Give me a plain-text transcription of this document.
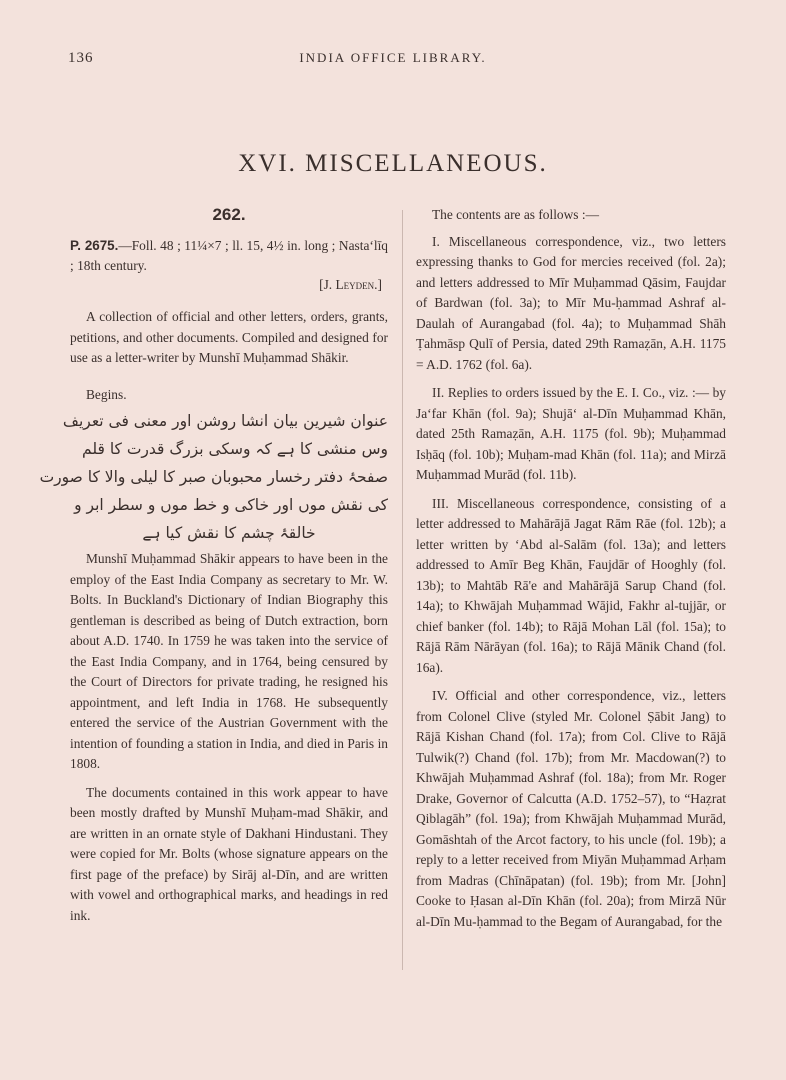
136	INDIA OFFICE LIBRARY.
XVI. MISCELLANEOUS.
262.

P. 2675.—Foll. 48 ; 11¼×7 ; ll. 15, 4½ in. long ; Nasta‘līq ; 18th century.

[J. Leyden.]

A collection of official and other letters, orders, grants, petitions, and other documents. Compiled and designed for use as a letter-writer by Munshī Muḥammad Shākir.

Begins.

عنوان شیرین بیان انشا روشن اور معنی فی تعریف
وس منشی کا ہے کہ وسکی بزرگ قدرت کا قلم
صفحۂ دفتر رخسار محبوبان صبر کا لیلی والا کا صورت
کی نقش موں اور خاکی و خط موں و سطر ابر و
خالقۂ چشم کا نقش کیا ہے

Munshī Muḥammad Shākir appears to have been in the employ of the East India Company as secretary to Mr. W. Bolts. In Buckland's Dictionary of Indian Biography this gentleman is described as being of Dutch extraction, born about A.D. 1740. In 1759 he was taken into the service of the East India Company, and in 1764, being censured by the Court of Directors for private trading, he resigned his appointment, and left India in 1768. He subsequently entered the service of the Austrian Government with the intention of founding a station in India, and died in Paris in 1808.

The documents contained in this work appear to have been mostly drafted by Munshī Muḥam-mad Shākir, and are written in an ornate style of Dakhani Hindustani. They were copied for Mr. Bolts (whose signature appears on the first page of the preface) by Sirāj al-Dīn, and are written with vowel and orthographical marks, and headings in red ink.

The contents are as follows :—

I. Miscellaneous correspondence, viz., two letters expressing thanks to God for mercies received (fol. 2a); and letters addressed to Mīr Muḥammad Qāsim, Faujdar of Bardwan (fol. 3a); to Mīr Mu-ḥammad Ashraf al-Daulah of Aurangabad (fol. 4a); to Muḥammad Shāh Ṭahmāsp Qulī of Persia, dated 29th Ramaẓān, A.H. 1175 = A.D. 1762 (fol. 6a).

II. Replies to orders issued by the E. I. Co., viz. :— by Ja‘far Khān (fol. 9a); Shujā‘ al-Dīn Muḥammad Khān, dated 25th Ramaẓān, A.H. 1175 (fol. 9b); Muḥammad Isḥāq (fol. 10b); Muḥam-mad Khān (fol. 11a); and Mirzā Muḥammad Murād (fol. 11b).

III. Miscellaneous correspondence, consisting of a letter addressed to Mahārājā Jagat Rām Rāe (fol. 12b); a letter written by ‘Abd al-Salām (fol. 13a); and letters addressed to Amīr Beg Khān, Faujdār of Hooghly (fol. 13b); to Mahtāb Rā'e and Mahārājā Sarup Chand (fol. 14a); to Khwājah Muḥammad Wājid, Fakhr al-tujjār, or chief banker (fol. 14b); to Rājā Mohan Lāl (fol. 15a); to Rājā Rām Nārāyan (fol. 16a); to Rājā Mānik Chand (fol. 16a).

IV. Official and other correspondence, viz., letters from Colonel Clive (styled Mr. Colonel Ṣābit Jang) to Rājā Kishan Chand (fol. 17a); from Col. Clive to Rājā Tulwik(?) Chand (fol. 17b); from Mr. Macdowan(?) to Khwājah Muḥammad Ashraf (fol. 18a); from Mr. Roger Drake, Governor of Calcutta (A.D. 1752–57), to “Haẓrat Qiblagāh” (fol. 19a); from Khwājah Muḥammad Murād, Gomāshtah of the Arcot factory, to his uncle (fol. 19b); a reply to a letter received from Miyān Muḥammad Arḥam from Madras (Chīnāpatan) (fol. 19b); from Mr. [John] Cooke to Ḥasan al-Dīn Khān (fol. 20a); from Mirzā Nūr al-Dīn Mu-ḥammad to the Begam of Aurangabad, for the
